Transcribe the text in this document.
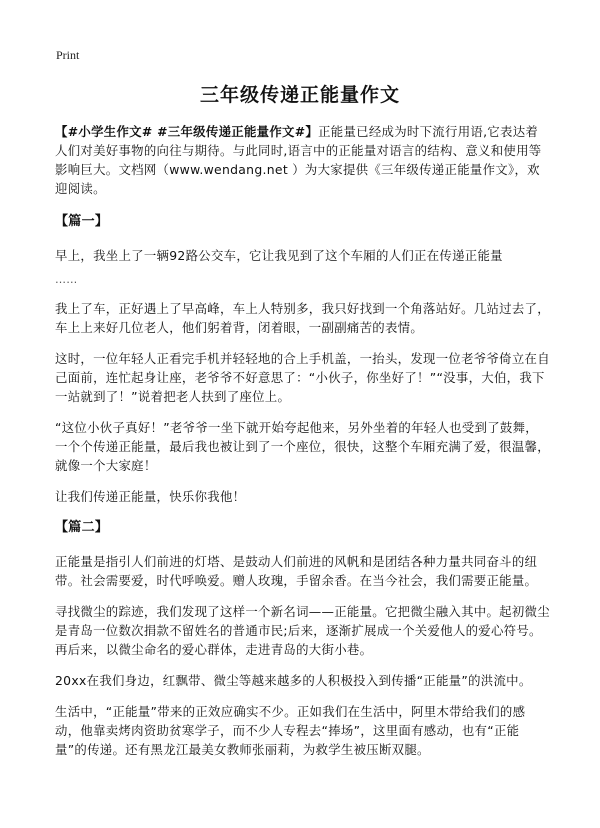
Print
三年级传递正能量作文

【#小学生作文# #三年级传递正能量作文#】正能量已经成为时下流行用语,它表达着人们对美好事物的向往与期待。与此同时,语言中的正能量对语言的结构、意义和使用等影响巨大。文档网（www.wendang.net ）为大家提供《三年级传递正能量作文》，欢迎阅读。

【篇一】

早上，我坐上了一辆92路公交车，它让我见到了这个车厢的人们正在传递正能量

……

我上了车，正好遇上了早高峰，车上人特别多，我只好找到一个角落站好。几站过去了，车上上来好几位老人，他们躬着背，闭着眼，一副副痛苦的表情。

这时，一位年轻人正看完手机并轻轻地的合上手机盖，一抬头，发现一位老爷爷倚立在自己面前，连忙起身让座，老爷爷不好意思了：“小伙子，你坐好了！”“没事，大伯，我下一站就到了！”说着把老人扶到了座位上。

“这位小伙子真好！”老爷爷一坐下就开始夸起他来，另外坐着的年轻人也受到了鼓舞，一个个传递正能量，最后我也被让到了一个座位，很快，这整个车厢充满了爱，很温馨，就像一个大家庭！

让我们传递正能量，快乐你我他！

【篇二】

正能量是指引人们前进的灯塔、是鼓动人们前进的风帆和是团结各种力量共同奋斗的纽带。社会需要爱，时代呼唤爱。赠人玫瑰，手留余香。在当今社会，我们需要正能量。

寻找微尘的踪迹，我们发现了这样一个新名词——正能量。它把微尘融入其中。起初微尘是青岛一位数次捐款不留姓名的普通市民;后来，逐渐扩展成一个关爱他人的爱心符号。再后来，以微尘命名的爱心群体，走进青岛的大街小巷。

20xx在我们身边，红飘带、微尘等越来越多的人积极投入到传播“正能量”的洪流中。

生活中，“正能量”带来的正效应确实不少。正如我们在生活中，阿里木带给我们的感动，他靠卖烤肉资助贫寒学子，而不少人专程去“捧场”，这里面有感动，也有“正能量”的传递。还有黑龙江最美女教师张丽莉，为救学生被压断双腿。
